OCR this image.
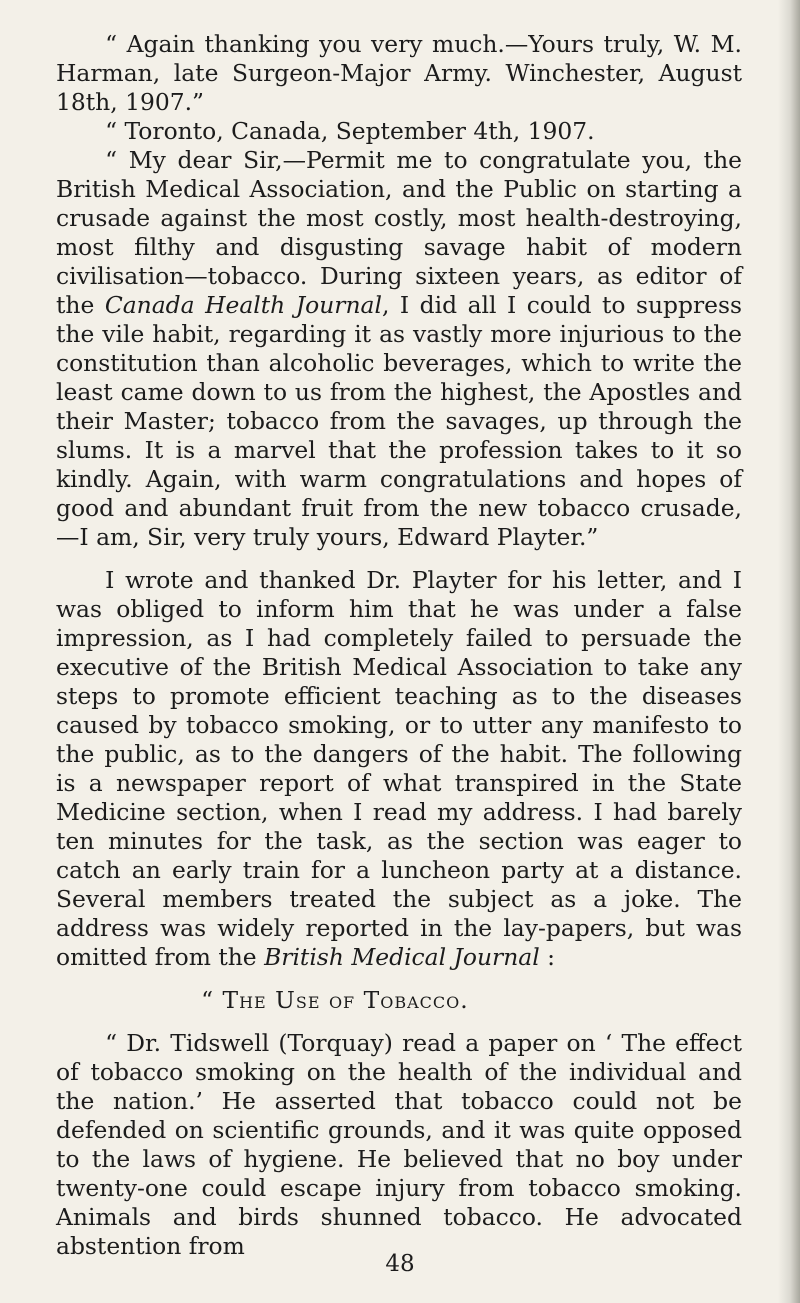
“ Again thanking you very much.—Yours truly, W. M. Harman, late Surgeon-Major Army. Winchester, August 18th, 1907.”

“ Toronto, Canada, September 4th, 1907.

“ My dear Sir,—Permit me to congratulate you, the British Medical Association, and the Public on starting a crusade against the most costly, most health-destroying, most filthy and disgusting savage habit of modern civilisation—tobacco. During sixteen years, as editor of the Canada Health Journal, I did all I could to suppress the vile habit, regarding it as vastly more injurious to the constitution than alcoholic beverages, which to write the least came down to us from the highest, the Apostles and their Master; tobacco from the savages, up through the slums. It is a marvel that the profession takes to it so kindly. Again, with warm congratulations and hopes of good and abundant fruit from the new tobacco crusade, —I am, Sir, very truly yours, Edward Playter.”

I wrote and thanked Dr. Playter for his letter, and I was obliged to inform him that he was under a false impression, as I had completely failed to persuade the executive of the British Medical Association to take any steps to promote efficient teaching as to the diseases caused by tobacco smoking, or to utter any manifesto to the public, as to the dangers of the habit. The following is a newspaper report of what transpired in the State Medicine section, when I read my address. I had barely ten minutes for the task, as the section was eager to catch an early train for a luncheon party at a distance. Several members treated the subject as a joke. The address was widely reported in the lay-papers, but was omitted from the British Medical Journal :

“ The Use of Tobacco.

“ Dr. Tidswell (Torquay) read a paper on ‘ The effect of tobacco smoking on the health of the individual and the nation.’ He asserted that tobacco could not be defended on scientific grounds, and it was quite opposed to the laws of hygiene. He believed that no boy under twenty-one could escape injury from tobacco smoking. Animals and birds shunned tobacco. He advocated abstention from

48
